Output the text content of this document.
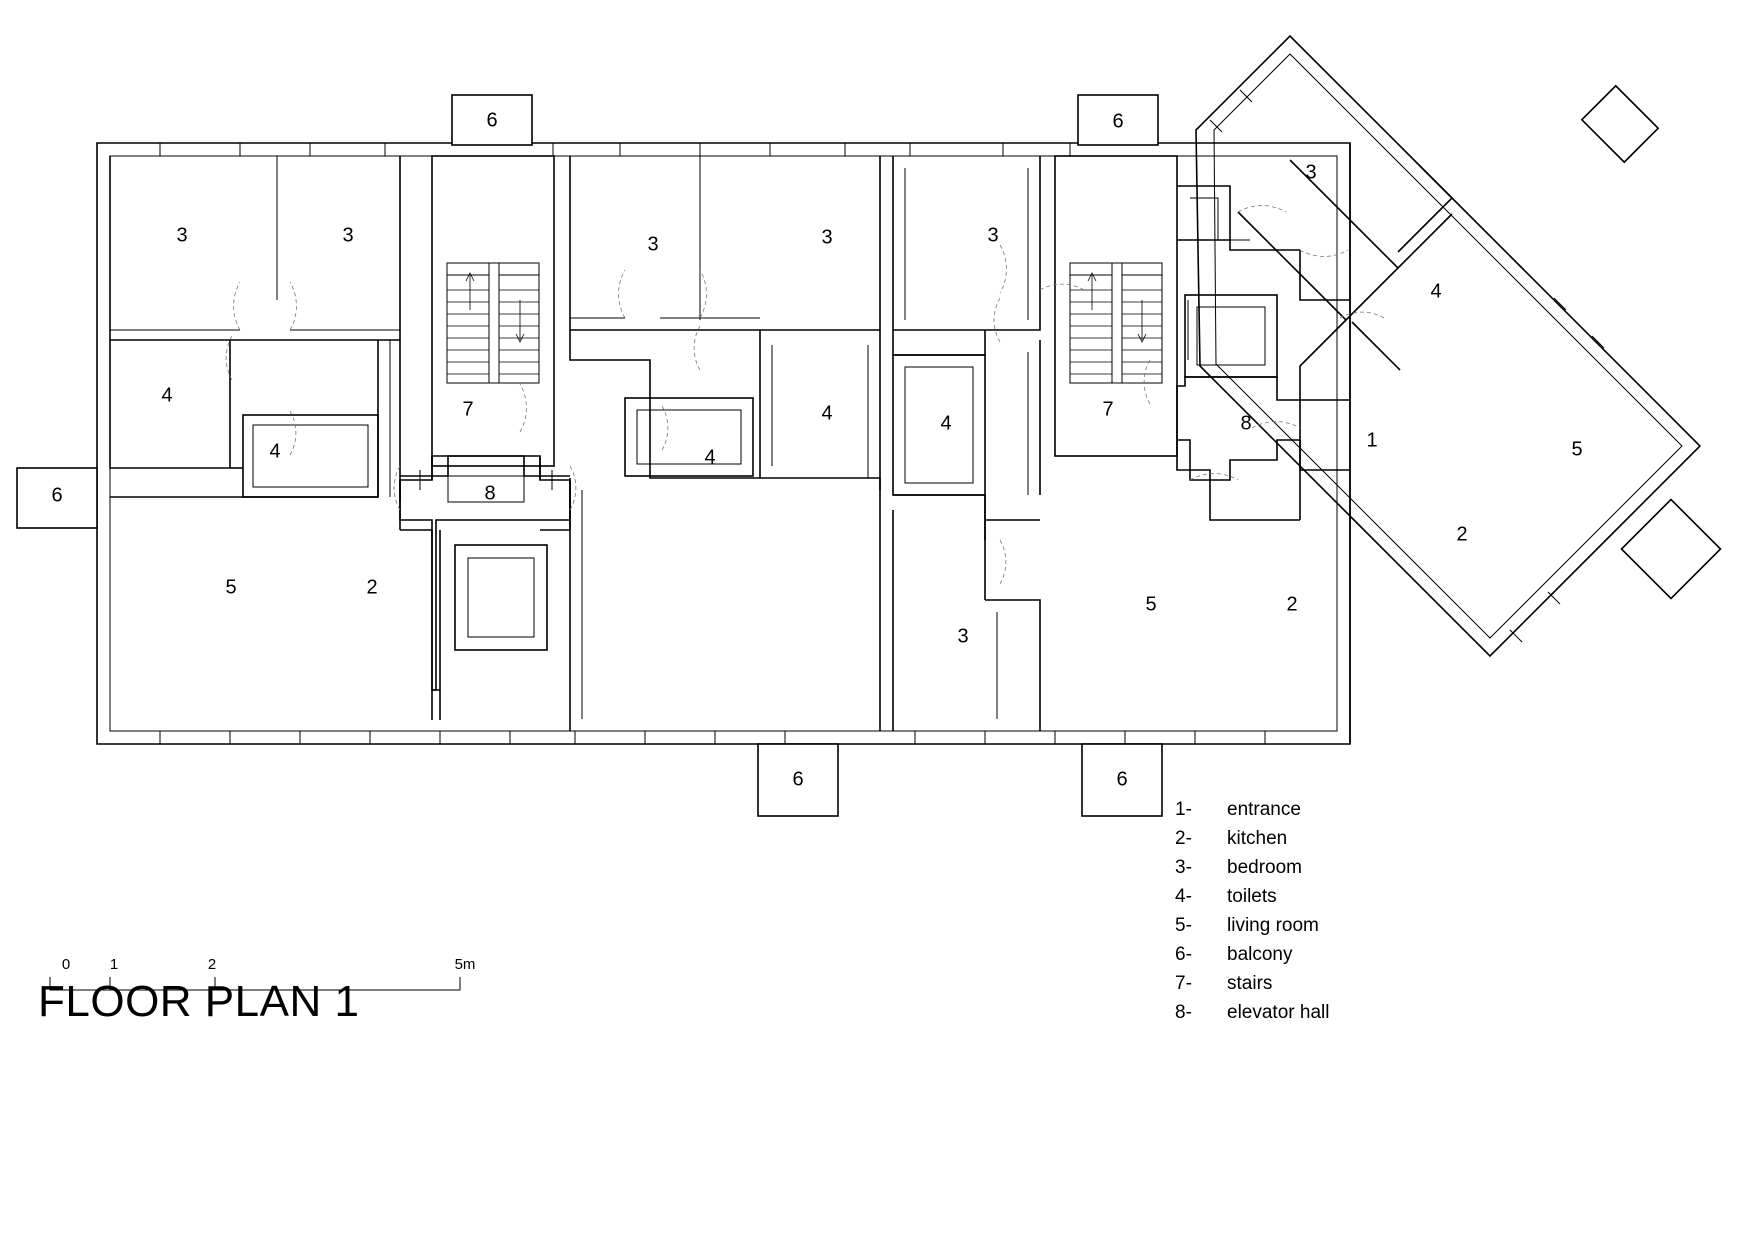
3	3
6
3	3	3
6
3
4
4
4
7
4
4	4
7
8
1	5
6	8
5	2
2
3
5	2
6	6
0	1	2	5m
FLOOR PLAN 1
1-	entrance
2-	kitchen
3-	bedroom
4-	toilets
5-	living room
6-	balcony
7-	stairs
8-	elevator hall
